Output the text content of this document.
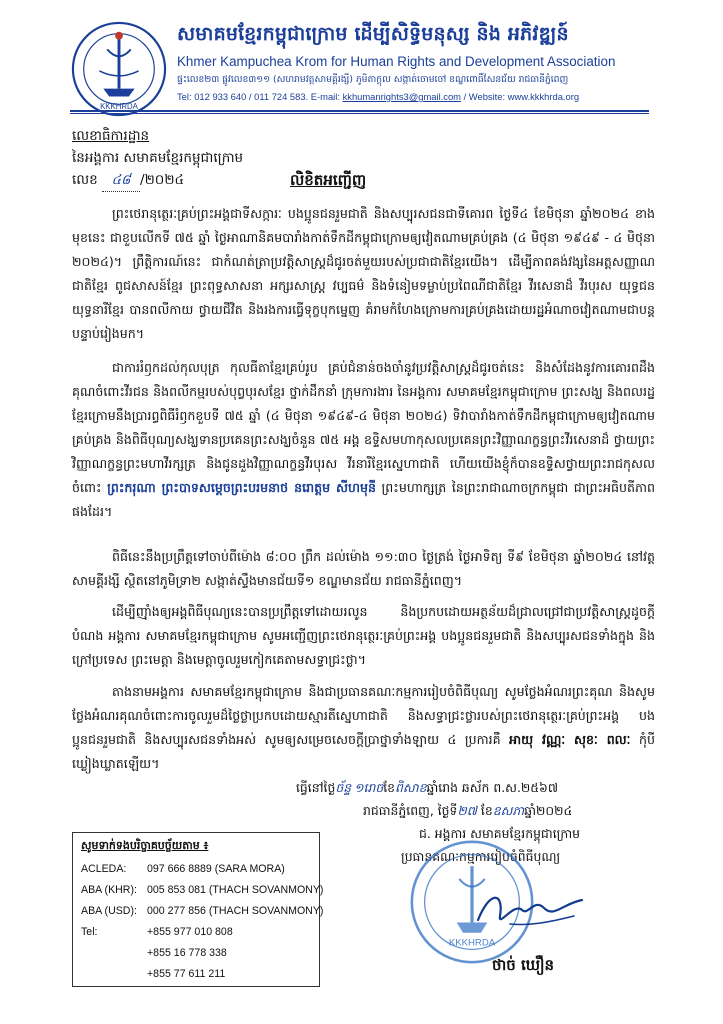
KKKHRDA
សមាគមខ្មែរកម្ពុជាក្រោម ដើម្បីសិទ្ធិមនុស្ស និង អភិវឌ្ឍន៍
Khmer Kampuchea Krom for Human Rights and Development Association
ផ្ទះលេខ២៣ ផ្លូវលេខ៣១១ (សហរាមវត្តសាមគ្គីរង្សី) ភូមិតាក្តុល សង្កាត់ចោមចៅ ខណ្ឌពោធិ៍សែនជ័យ រាជធានីភ្នំពេញ
Tel: 012 933 640 / 011 724 583. E-mail: kkhumanrights3@gmail.com / Website: www.kkkhrda.org
លេខាធិការដ្ឋាន
នៃអង្គការ សមាគមខ្មែរកម្ពុជាក្រោម
លេខ ៤៨ /២០២៤	លិខិតអញ្ជើញ

ព្រះថេរានុត្ថេរៈគ្រប់ព្រះអង្គជាទីសក្ការៈ បងប្អូនជនរួមជាតិ និងសប្បុរសជនជាទីគោរព ថ្ងៃទី៤ ខែមិថុនា ឆ្នាំ២០២៤ ខាងមុខនេះ ជាខួបលើកទី ៧៥ ឆ្នាំ ថ្ងៃអាណានិគមបារាំងកាត់ទឹកដីកម្ពុជាក្រោមឲ្យវៀតណាមគ្រប់គ្រង (៤ មិថុនា ១៩៤៩ - ៤ មិថុនា ២០២៤)។ ព្រឹត្តិការណ៍នេះ ជាកំណត់ត្រាប្រវត្តិសាស្ត្រដ៏ជូរចត់មួយរបស់ប្រជាជាតិខ្មែរយើង។ ដើម្បីភាពគង់វង្សនៃអត្តសញ្ញាណជាតិខ្មែរ ពូជសាសន៍ខ្មែរ ព្រះពុទ្ធសាសនា អក្សរសាស្ត្រ វប្បធម៌ និងទំនៀមទម្លាប់ប្រពៃណីជាតិខ្មែរ វីរសេនាដ៏ វីរបុរស យុទ្ធជន យុទ្ធនារីខ្មែរ បានពលីកាយ ថ្វាយជីវិត និងរងការធ្វើទុក្ខបុកម្នេញ គំរាមកំហែងក្រោមការគ្រប់គ្រងដោយរដ្ឋអំណាចវៀតណាមជាបន្តបន្ទាប់រៀងមក។

ជាការរំឭកដល់កុលបុត្រ កុលធីតាខ្មែរគ្រប់រូប គ្រប់ជំនាន់ចងចាំនូវប្រវត្តិសាស្ត្រដ៏ជូរចត់នេះ និងសំដែងនូវការគោរពដឹងគុណចំពោះវីរជន និងពលីកម្មរបស់បុព្វបុរសខ្មែរ ថ្នាក់ដឹកនាំ ក្រុមការងារ នៃអង្គការ សមាគមខ្មែរកម្ពុជាក្រោម ព្រះសង្ឃ និងពលរដ្ឋខ្មែរក្រោមនឹងប្រារព្ធពិធីរំឭកខួបទី ៧៥ ឆ្នាំ (៤ មិថុនា ១៩៤៩-៤ មិថុនា ២០២៤) ទិវាបារាំងកាត់ទឹកដីកម្ពុជាក្រោមឲ្យវៀតណាមគ្រប់គ្រង និងពិធីបុណ្យសង្ឃទានប្រគេនព្រះសង្ឃចំនួន ៧៥ អង្គ ឧទ្ទិសមហាកុសលប្រគេនព្រះវិញ្ញាណក្ខន្ធព្រះវីរសេនាដ៏ ថ្វាយព្រះវិញ្ញាណក្ខន្ធព្រះមហាវីរក្សត្រ និងជូនដួងវិញ្ញាណក្ខន្ធវីរបុរស វីរនារីខ្មែរស្នេហាជាតិ ហើយយើងខ្ញុំក៏បានឧទ្ទិសថ្វាយព្រះរាជកុសលចំពោះ ព្រះករុណា ព្រះបាទសម្តេចព្រះបរមនាថ នរោត្តម សីហមុនី ព្រះមហាក្សត្រ នៃព្រះរាជាណាចក្រកម្ពុជា ជាព្រះអធិបតីភាពផងដែរ។

ពិធីនេះនឹងប្រព្រឹត្តទៅចាប់ពីម៉ោង ៨:០០ ព្រឹក ដល់ម៉ោង ១១:៣០ ថ្ងៃត្រង់ ថ្ងៃអាទិត្យ ទី៩ ខែមិថុនា ឆ្នាំ២០២៤ នៅវត្តសាមគ្គីរង្សី ស្ថិតនៅភូមិទ្រា២ សង្កាត់ស្ទឹងមានជ័យទី១ ខណ្ឌមានជ័យ រាជធានីភ្នំពេញ។

ដើម្បីញ៉ាំងឲ្យអង្គពិធីបុណ្យនេះបានប្រព្រឹត្តទៅដោយរលូន និងប្រកបដោយអត្ថន័យដ៏ជ្រាលជ្រៅជាប្រវត្តិសាស្ត្រដូចក្តីបំណង អង្គការ សមាគមខ្មែរកម្ពុជាក្រោម សូមអញ្ជើញព្រះថេរានុត្ថេរៈគ្រប់ព្រះអង្គ បងប្អូនជនរួមជាតិ និងសប្បុរសជនទាំងក្នុង និងក្រៅប្រទេស ព្រះមេត្តា និងមេត្តាចូលរួមកៀកគេតាមសទ្ធាជ្រះថ្លា។

តាងនាមអង្គការ សមាគមខ្មែរកម្ពុជាក្រោម និងជាប្រធានគណៈកម្មការរៀបចំពិធីបុណ្យ សូមថ្លែងអំណរព្រះគុណ និងសូមថ្លែងអំណរគុណចំពោះការចូលរួមដ៏ថ្លៃថ្លាប្រកបដោយស្មារតីស្នេហាជាតិ និងសទ្ធាជ្រះថ្លារបស់ព្រះថេរានុត្ថេរៈគ្រប់ព្រះអង្គ បងប្អូនជនរួមជាតិ និងសប្បុរសជនទាំងអស់ សូមឲ្យសម្រេចសេចក្តីប្រាថ្នាទាំងឡាយ ៤ ប្រការគឺ អាយុ វណ្ណៈ សុខៈ ពលៈ កុំបីឃ្លៀងឃ្លាតឡើយ។

ធ្វើនៅថ្ងៃច័ន្ទ ១រោចខែពិសាខឆ្នាំរោង ឆស័ក ព.ស.២៥៦៧
រាជធានីភ្នំពេញ, ថ្ងៃទី២៧ ខែឧសភាឆ្នាំ២០២៤
ជ. អង្គការ សមាគមខ្មែរកម្ពុជាក្រោម
ប្រធានគណៈកម្មការរៀបចំពិធីបុណ្យ
KKKHRDA
ថាច់ ឃឿន
សូមទាក់ទងបរិច្ចាគបច្ច័យតាម ៖
ACLEDA: 097 666 8889 (SARA MORA)
ABA (KHR): 005 853 081 (THACH SOVANMONY)
ABA (USD): 000 277 856 (THACH SOVANMONY)
Tel:	+855 977 010 808
+855 16 778 338
+855 77 611 211
